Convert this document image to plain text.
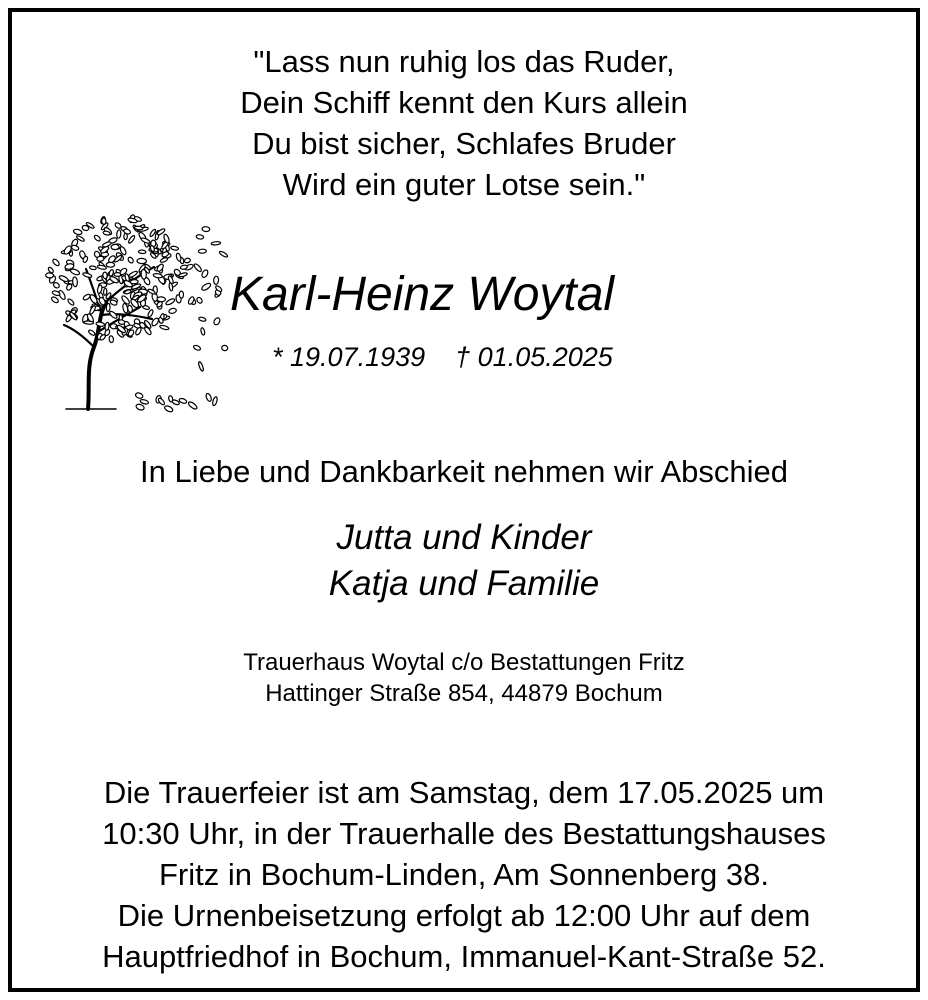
"Lass nun ruhig los das Ruder,
Dein Schiff kennt den Kurs allein
Du bist sicher, Schlafes Bruder
Wird ein guter Lotse sein."
Karl-Heinz Woytal
* 19.07.1939 † 01.05.2025
In Liebe und Dankbarkeit nehmen wir Abschied
Jutta und Kinder
Katja und Familie
Trauerhaus Woytal c/o Bestattungen Fritz
Hattinger Straße 854, 44879 Bochum
Die Trauerfeier ist am Samstag, dem 17.05.2025 um
10:30 Uhr, in der Trauerhalle des Bestattungshauses
Fritz in Bochum-Linden, Am Sonnenberg 38.
Die Urnenbeisetzung erfolgt ab 12:00 Uhr auf dem
Hauptfriedhof in Bochum, Immanuel-Kant-Straße 52.
